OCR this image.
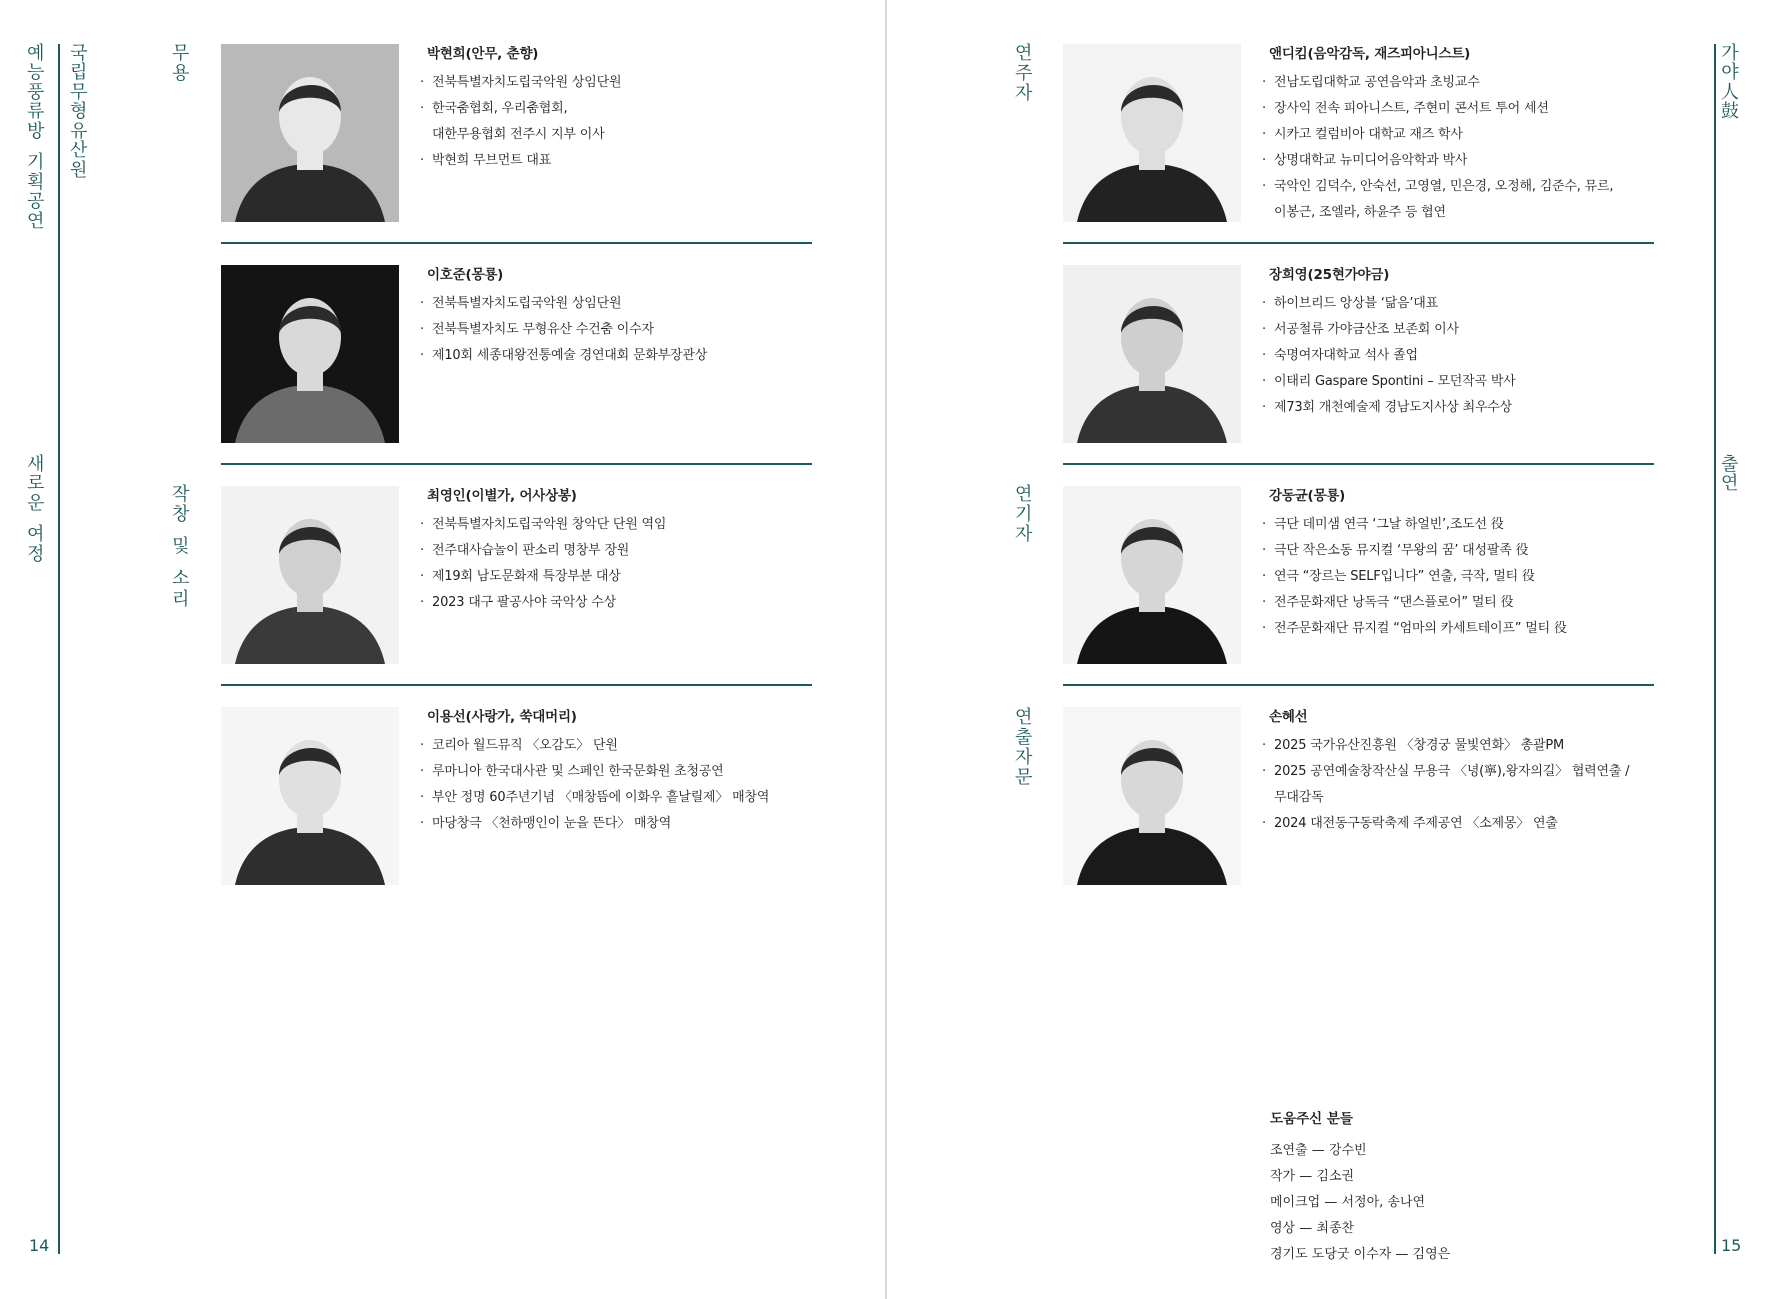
예
능
풍
류
방
기
획
공
연
국
립
무
형
유
산
원
새
로
운
여
정
14
가
야
人
鼓
출
연
15
무
용
작
창
및
소
리
연
주
자
연
기
자
연
출
자
문
박현희(안무, 춘향)
· 전북특별자치도립국악원 상임단원
· 한국춤협회, 우리춤협회,
대한무용협회 전주시 지부 이사
· 박현희 무브먼트 대표
이호준(몽룡)
· 전북특별자치도립국악원 상임단원
· 전북특별자치도 무형유산 수건춤 이수자
· 제10회 세종대왕전통예술 경연대회 문화부장관상
최영인(이별가, 어사상봉)
· 전북특별자치도립국악원 창악단 단원 역임
· 전주대사습놀이 판소리 명창부 장원
· 제19회 남도문화재 특장부분 대상
· 2023 대구 팔공사야 국악상 수상
이용선(사랑가, 쑥대머리)
· 코리아 월드뮤직 〈오감도〉 단원
· 루마니아 한국대사관 및 스페인 한국문화원 초청공연
· 부안 정명 60주년기념 〈매창뜸에 이화우 흩날릴제〉 매창역
· 마당창극 〈천하맹인이 눈을 뜬다〉 매창역
앤디킴(음악감독, 재즈피아니스트)
· 전남도립대학교 공연음악과 초빙교수
· 장사익 전속 피아니스트, 주현미 콘서트 투어 세션
· 시카고 컬럼비아 대학교 재즈 학사
· 상명대학교 뉴미디어음악학과 박사
· 국악인 김덕수, 안숙선, 고영열, 민은경, 오정해, 김준수, 뮤르,
이봉근, 조엘라, 하윤주 등 협연
장희영(25현가야금)
· 하이브리드 앙상블 ‘닮음’대표
· 서공철류 가야금산조 보존회 이사
· 숙명여자대학교 석사 졸업
· 이태리 Gaspare Spontini – 모던작곡 박사
· 제73회 개천예술제 경남도지사상 최우수상
강동균(몽룡)
· 극단 데미샘 연극 ‘그날 하얼빈’,조도선 役
· 극단 작은소동 뮤지컬 ‘무왕의 꿈’ 대성팔족 役
· 연극 “장르는 SELF입니다” 연출, 극작, 멀티 役
· 전주문화재단 낭독극 “댄스플로어” 멀티 役
· 전주문화재단 뮤지컬 “엄마의 카세트테이프” 멀티 役
손혜선
· 2025 국가유산진흥원 〈창경궁 물빛연화〉 총괄PM
· 2025 공연예술창작산실 무용극 〈녕(寧),왕자의길〉 협력연출 /
무대감독
· 2024 대전동구동락축제 주제공연 〈소제몽〉 연출
도움주신 분들
조연출 — 강수빈
작가 — 김소권
메이크업 — 서정아, 송나연
영상 — 최종찬
경기도 도당굿 이수자 — 김영은
